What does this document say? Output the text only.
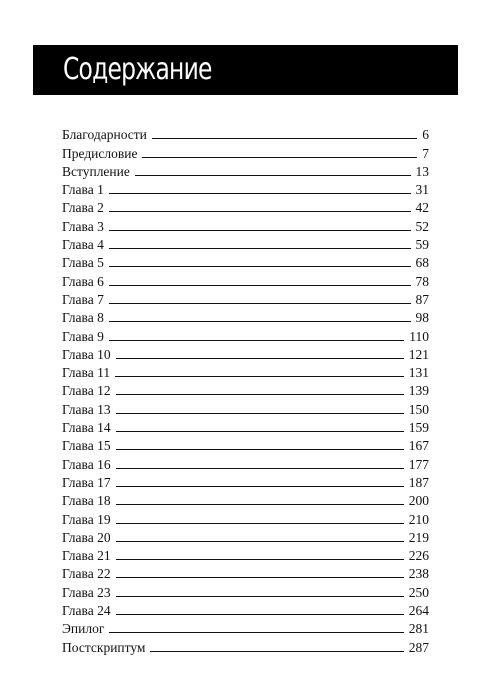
Содержание
Благодарности	6
Предисловие	7
Вступление	13
Глава 1	31
Глава 2	42
Глава 3	52
Глава 4	59
Глава 5	68
Глава 6	78
Глава 7	87
Глава 8	98
Глава 9	110
Глава 10	121
Глава 11	131
Глава 12	139
Глава 13	150
Глава 14	159
Глава 15	167
Глава 16	177
Глава 17	187
Глава 18	200
Глава 19	210
Глава 20	219
Глава 21	226
Глава 22	238
Глава 23	250
Глава 24	264
Эпилог	281
Постскриптум	287
